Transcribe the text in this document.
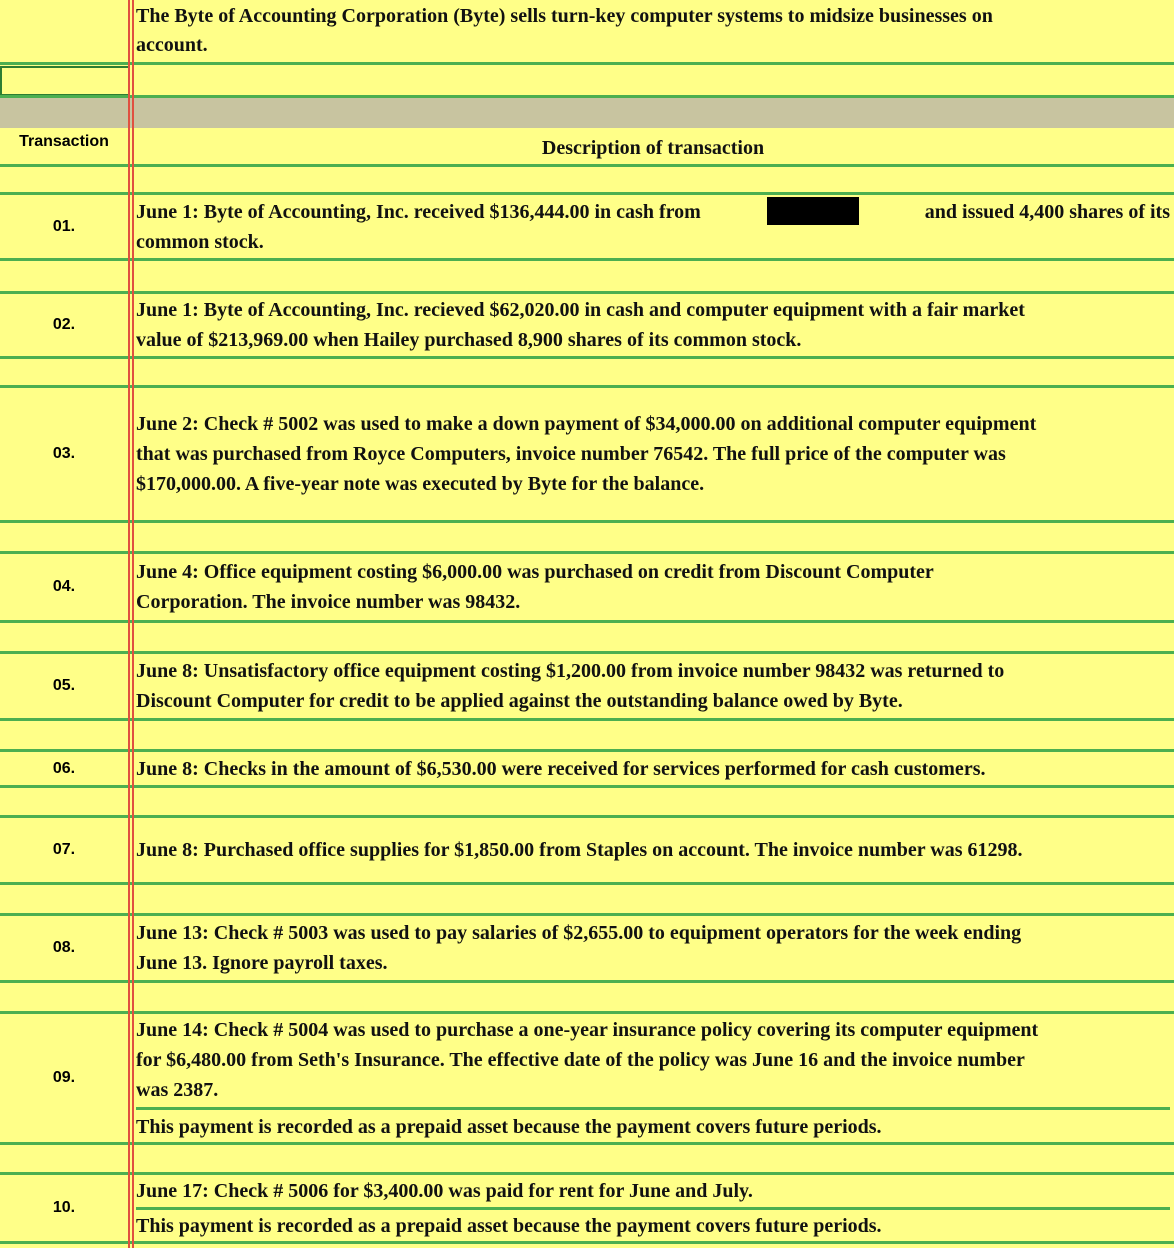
The Byte of Accounting Corporation (Byte) sells turn-key computer systems to midsize businesses on
account.
Transaction	Description of transaction
01.
June 1: Byte of Accounting, Inc. received $136,444.00 in cash from	and issued 4,400 shares of its
common stock.
02.
June 1: Byte of Accounting, Inc. recieved $62,020.00 in cash and computer equipment with a fair market
value of $213,969.00 when Hailey purchased 8,900 shares of its common stock.
03.
June 2: Check # 5002 was used to make a down payment of $34,000.00 on additional computer equipment
that was purchased from Royce Computers, invoice number 76542. The full price of the computer was
$170,000.00. A five-year note was executed by Byte for the balance.
04.
June 4: Office equipment costing $6,000.00 was purchased on credit from Discount Computer
Corporation. The invoice number was 98432.
05.
June 8: Unsatisfactory office equipment costing $1,200.00 from invoice number 98432 was returned to
Discount Computer for credit to be applied against the outstanding balance owed by Byte.
06.	June 8: Checks in the amount of $6,530.00 were received for services performed for cash customers.
07.	June 8: Purchased office supplies for $1,850.00 from Staples on account. The invoice number was 61298.
08.
June 13: Check # 5003 was used to pay salaries of $2,655.00 to equipment operators for the week ending
June 13. Ignore payroll taxes.
09.
June 14: Check # 5004 was used to purchase a one-year insurance policy covering its computer equipment
for $6,480.00 from Seth's Insurance. The effective date of the policy was June 16 and the invoice number
was 2387.
This payment is recorded as a prepaid asset because the payment covers future periods.
10.
June 17: Check # 5006 for $3,400.00 was paid for rent for June and July.
This payment is recorded as a prepaid asset because the payment covers future periods.
